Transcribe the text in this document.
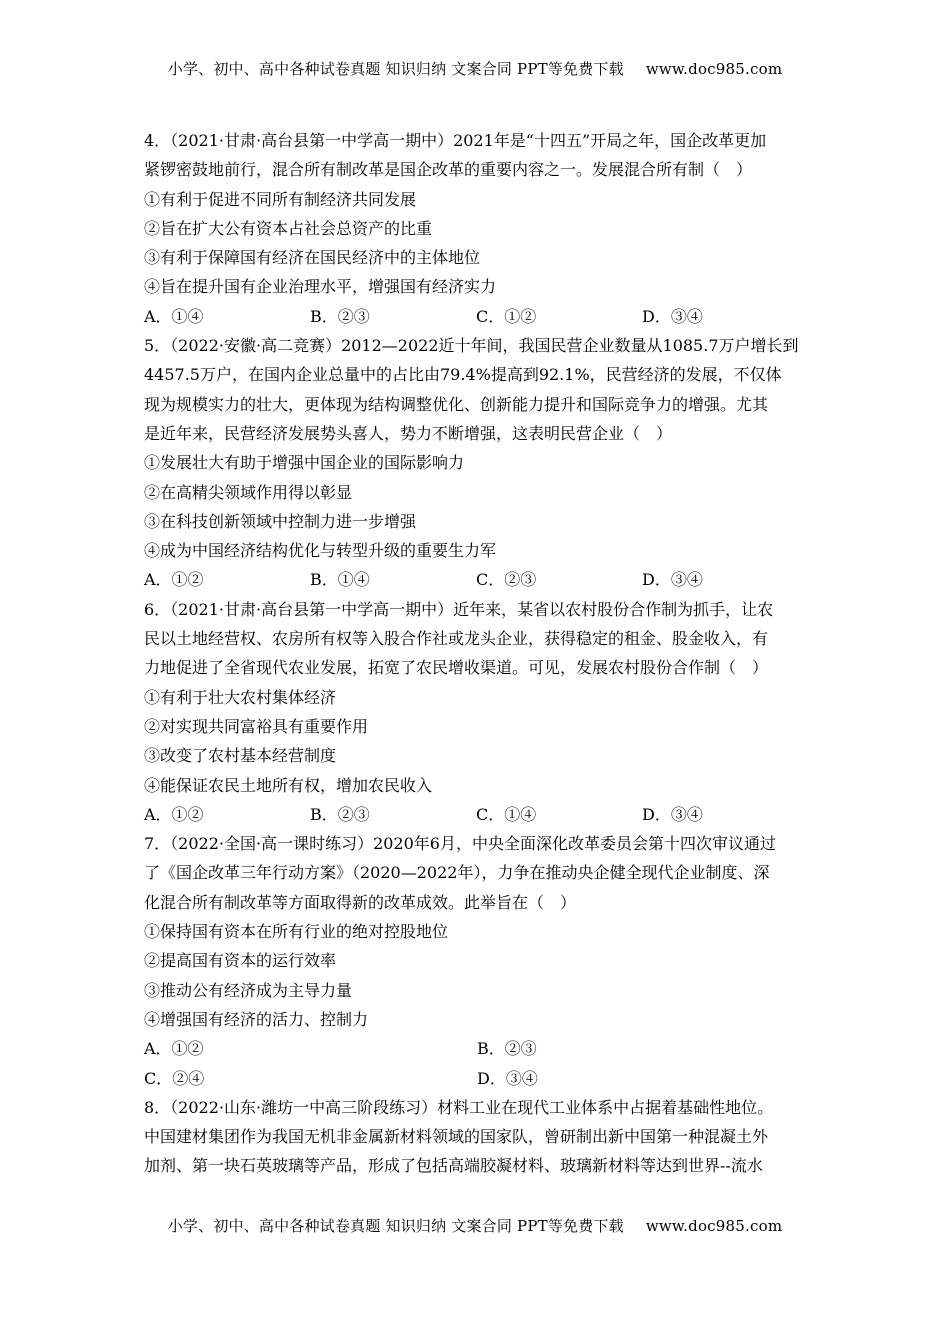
小学、初中、高中各种试卷真题 知识归纳 文案合同 PPT等免费下载 www.doc985.com
4．（2021·甘肃·高台县第一中学高一期中）2021年是“十四五”开局之年，国企改革更加
紧锣密鼓地前行，混合所有制改革是国企改革的重要内容之一。发展混合所有制（　）
①有利于促进不同所有制经济共同发展
②旨在扩大公有资本占社会总资产的比重
③有利于保障国有经济在国民经济中的主体地位
④旨在提升国有企业治理水平，增强国有经济实力
A．①④	B．②③	C．①②	D．③④
5．（2022·安徽·高二竞赛）2012—2022近十年间，我国民营企业数量从1085.7万户增长到
4457.5万户，在国内企业总量中的占比由79.4%提高到92.1%，民营经济的发展，不仅体
现为规模实力的壮大，更体现为结构调整优化、创新能力提升和国际竞争力的增强。尤其
是近年来，民营经济发展势头喜人，势力不断增强，这表明民营企业（　）
①发展壮大有助于增强中国企业的国际影响力
②在高精尖领域作用得以彰显
③在科技创新领域中控制力进一步增强
④成为中国经济结构优化与转型升级的重要生力军
A．①②	B．①④	C．②③	D．③④
6．（2021·甘肃·高台县第一中学高一期中）近年来，某省以农村股份合作制为抓手，让农
民以土地经营权、农房所有权等入股合作社或龙头企业，获得稳定的租金、股金收入，有
力地促进了全省现代农业发展，拓宽了农民增收渠道。可见，发展农村股份合作制（　）
①有利于壮大农村集体经济
②对实现共同富裕具有重要作用
③改变了农村基本经营制度
④能保证农民土地所有权，增加农民收入
A．①②	B．②③	C．①④	D．③④
7．（2022·全国·高一课时练习）2020年6月，中央全面深化改革委员会第十四次审议通过
了《国企改革三年行动方案》（2020—2022年），力争在推动央企健全现代企业制度、深
化混合所有制改革等方面取得新的改革成效。此举旨在（　）
①保持国有资本在所有行业的绝对控股地位
②提高国有资本的运行效率
③推动公有经济成为主导力量
④增强国有经济的活力、控制力
A．①②	B．②③
C．②④	D．③④
8．（2022·山东·潍坊一中高三阶段练习）材料工业在现代工业体系中占据着基础性地位。
中国建材集团作为我国无机非金属新材料领域的国家队，曾研制出新中国第一种混凝土外
加剂、第一块石英玻璃等产品，形成了包括高端胶凝材料、玻璃新材料等达到世界--流水
小学、初中、高中各种试卷真题 知识归纳 文案合同 PPT等免费下载 www.doc985.com
